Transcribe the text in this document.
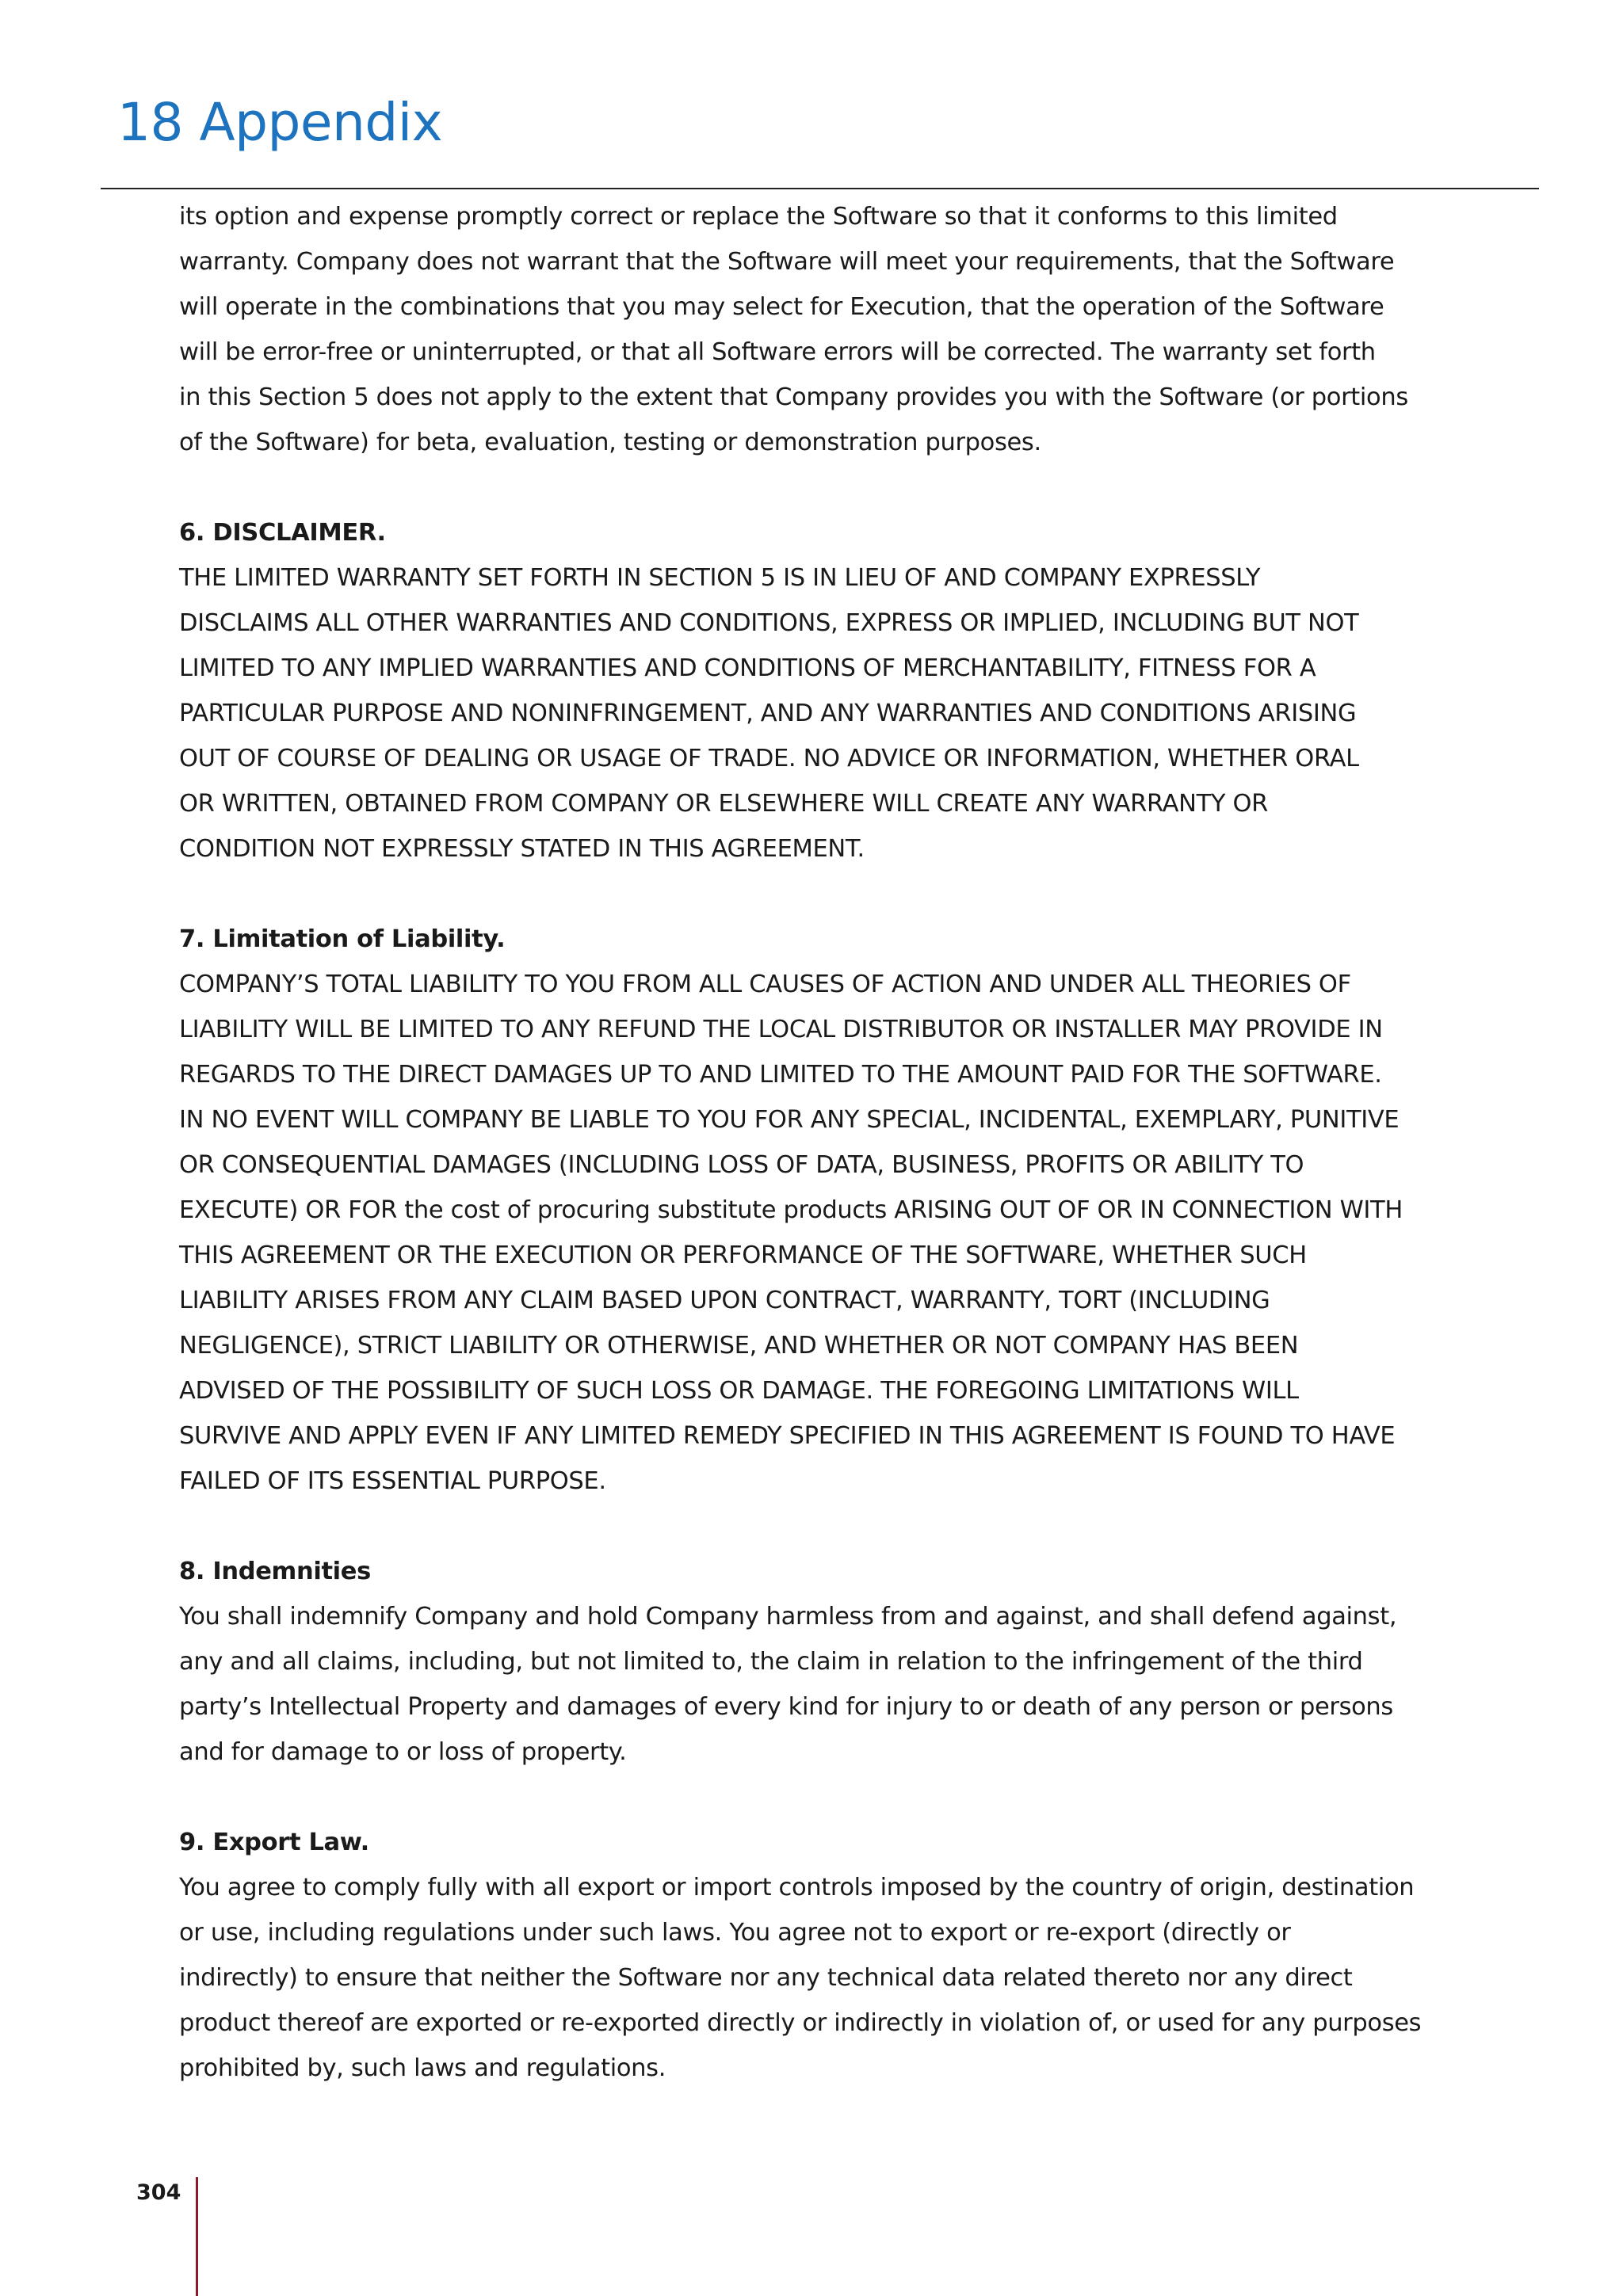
18 Appendix

its option and expense promptly correct or replace the Software so that it conforms to this limited

warranty. Company does not warrant that the Software will meet your requirements, that the Software

will operate in the combinations that you may select for Execution, that the operation of the Software

will be error-free or uninterrupted, or that all Software errors will be corrected. The warranty set forth

in this Section 5 does not apply to the extent that Company provides you with the Software (or portions

of the Software) for beta, evaluation, testing or demonstration purposes.

6. DISCLAIMER.

THE LIMITED WARRANTY SET FORTH IN SECTION 5 IS IN LIEU OF AND COMPANY EXPRESSLY

DISCLAIMS ALL OTHER WARRANTIES AND CONDITIONS, EXPRESS OR IMPLIED, INCLUDING BUT NOT

LIMITED TO ANY IMPLIED WARRANTIES AND CONDITIONS OF MERCHANTABILITY, FITNESS FOR A

PARTICULAR PURPOSE AND NONINFRINGEMENT, AND ANY WARRANTIES AND CONDITIONS ARISING

OUT OF COURSE OF DEALING OR USAGE OF TRADE. NO ADVICE OR INFORMATION, WHETHER ORAL

OR WRITTEN, OBTAINED FROM COMPANY OR ELSEWHERE WILL CREATE ANY WARRANTY OR

CONDITION NOT EXPRESSLY STATED IN THIS AGREEMENT.

7. Limitation of Liability.

COMPANY’S TOTAL LIABILITY TO YOU FROM ALL CAUSES OF ACTION AND UNDER ALL THEORIES OF

LIABILITY WILL BE LIMITED TO ANY REFUND THE LOCAL DISTRIBUTOR OR INSTALLER MAY PROVIDE IN

REGARDS TO THE DIRECT DAMAGES UP TO AND LIMITED TO THE AMOUNT PAID FOR THE SOFTWARE.

IN NO EVENT WILL COMPANY BE LIABLE TO YOU FOR ANY SPECIAL, INCIDENTAL, EXEMPLARY, PUNITIVE

OR CONSEQUENTIAL DAMAGES (INCLUDING LOSS OF DATA, BUSINESS, PROFITS OR ABILITY TO

EXECUTE) OR FOR the cost of procuring substitute products ARISING OUT OF OR IN CONNECTION WITH

THIS AGREEMENT OR THE EXECUTION OR PERFORMANCE OF THE SOFTWARE, WHETHER SUCH

LIABILITY ARISES FROM ANY CLAIM BASED UPON CONTRACT, WARRANTY, TORT (INCLUDING

NEGLIGENCE), STRICT LIABILITY OR OTHERWISE, AND WHETHER OR NOT COMPANY HAS BEEN

ADVISED OF THE POSSIBILITY OF SUCH LOSS OR DAMAGE. THE FOREGOING LIMITATIONS WILL

SURVIVE AND APPLY EVEN IF ANY LIMITED REMEDY SPECIFIED IN THIS AGREEMENT IS FOUND TO HAVE

FAILED OF ITS ESSENTIAL PURPOSE.

8. Indemnities

You shall indemnify Company and hold Company harmless from and against, and shall defend against,

any and all claims, including, but not limited to, the claim in relation to the infringement of the third

party’s Intellectual Property and damages of every kind for injury to or death of any person or persons

and for damage to or loss of property.

9. Export Law.

You agree to comply fully with all export or import controls imposed by the country of origin, destination

or use, including regulations under such laws. You agree not to export or re-export (directly or

indirectly) to ensure that neither the Software nor any technical data related thereto nor any direct

product thereof are exported or re-exported directly or indirectly in violation of, or used for any purposes

prohibited by, such laws and regulations.

304
